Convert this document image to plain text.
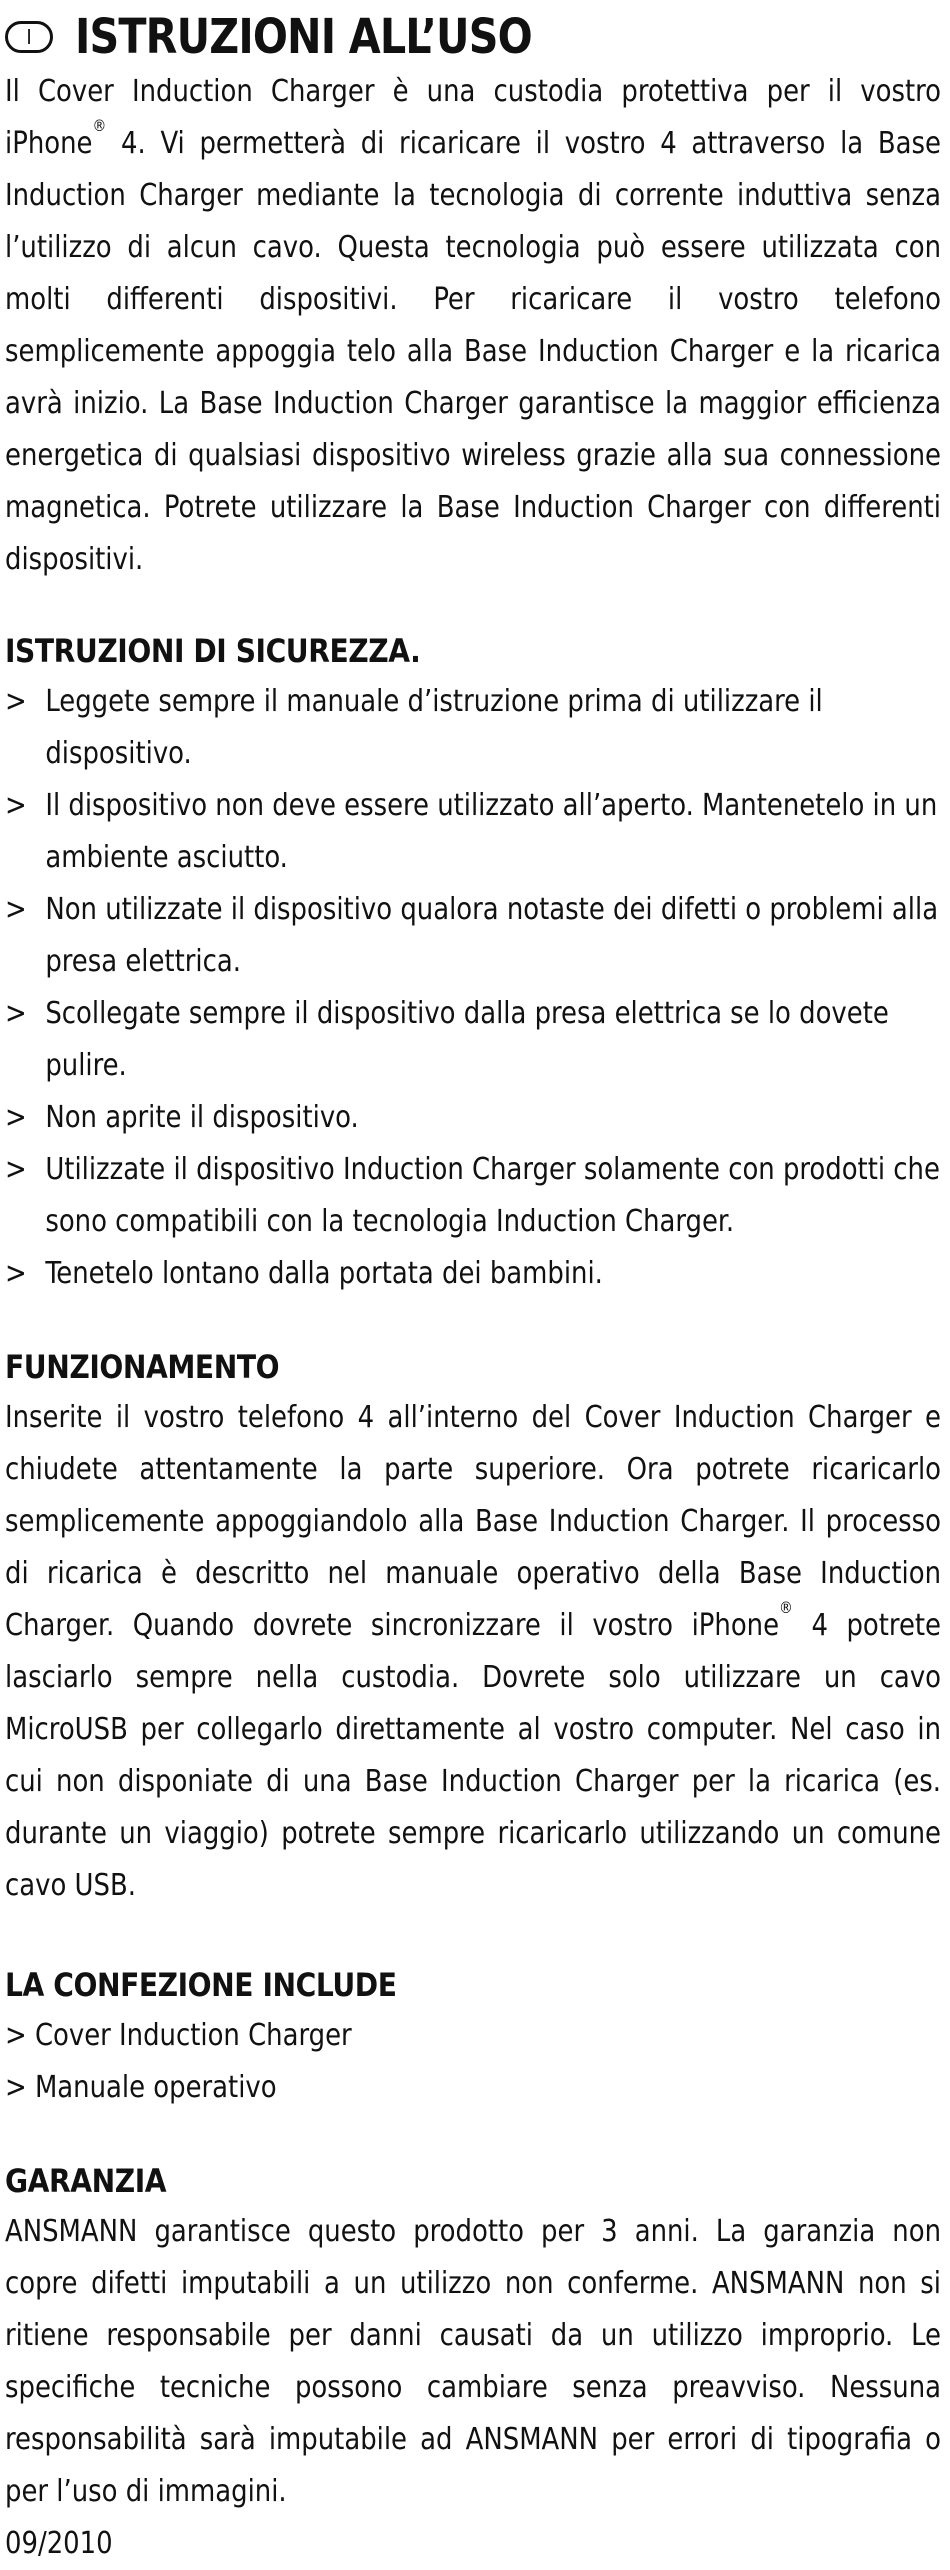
I ISTRUZIONI ALL’USO

Il Cover Induction Charger è una custodia protettiva per il vostro iPhone® 4. Vi permetterà di ricaricare il vostro 4 attraverso la Base Induction Charger mediante la tecnologia di corrente induttiva senza l’utilizzo di alcun cavo. Questa tecnologia può essere utilizzata con molti differenti dispositivi. Per ricaricare il vostro telefono semplicemente appoggia telo alla Base Induction Charger e la ricarica avrà inizio. La Base Induction Charger garantisce la maggior efficienza energetica di qualsiasi dispositivo wireless grazie alla sua connessione magnetica. Potrete utilizzare la Base Induction Charger con differenti dispositivi.

ISTRUZIONI DI SICUREZZA.
> Leggete sempre il manuale d’istruzione prima di utilizzare il dispositivo.
> Il dispositivo non deve essere utilizzato all’aperto. Mantenetelo in un ambiente asciutto.
> Non utilizzate il dispositivo qualora notaste dei difetti o problemi alla presa elettrica.
> Scollegate sempre il dispositivo dalla presa elettrica se lo dovete pulire.
> Non aprite il dispositivo.
> Utilizzate il dispositivo Induction Charger solamente con prodotti che sono compatibili con la tecnologia Induction Charger.
> Tenetelo lontano dalla portata dei bambini.
FUNZIONAMENTO

Inserite il vostro telefono 4 all’interno del Cover Induction Charger e chiudete attentamente la parte superiore. Ora potrete ricaricarlo semplicemente appoggiandolo alla Base Induction Charger. Il processo di ricarica è descritto nel manuale operativo della Base Induction Charger. Quando dovrete sincronizzare il vostro iPhone® 4 potrete lasciarlo sempre nella custodia. Dovrete solo utilizzare un cavo MicroUSB per collegarlo direttamente al vostro computer. Nel caso in cui non disponiate di una Base Induction Charger per la ricarica (es. durante un viaggio) potrete sempre ricaricarlo utilizzando un comune cavo USB.

LA CONFEZIONE INCLUDE
> Cover Induction Charger
> Manuale operativo
GARANZIA

ANSMANN garantisce questo prodotto per 3 anni. La garanzia non copre difetti imputabili a un utilizzo non conferme. ANSMANN non si ritiene responsabile per danni causati da un utilizzo improprio. Le specifiche tecniche possono cambiare senza preavviso. Nessuna responsabilità sarà imputabile ad ANSMANN per errori di tipografia o per l’uso di immagini.

09/2010
